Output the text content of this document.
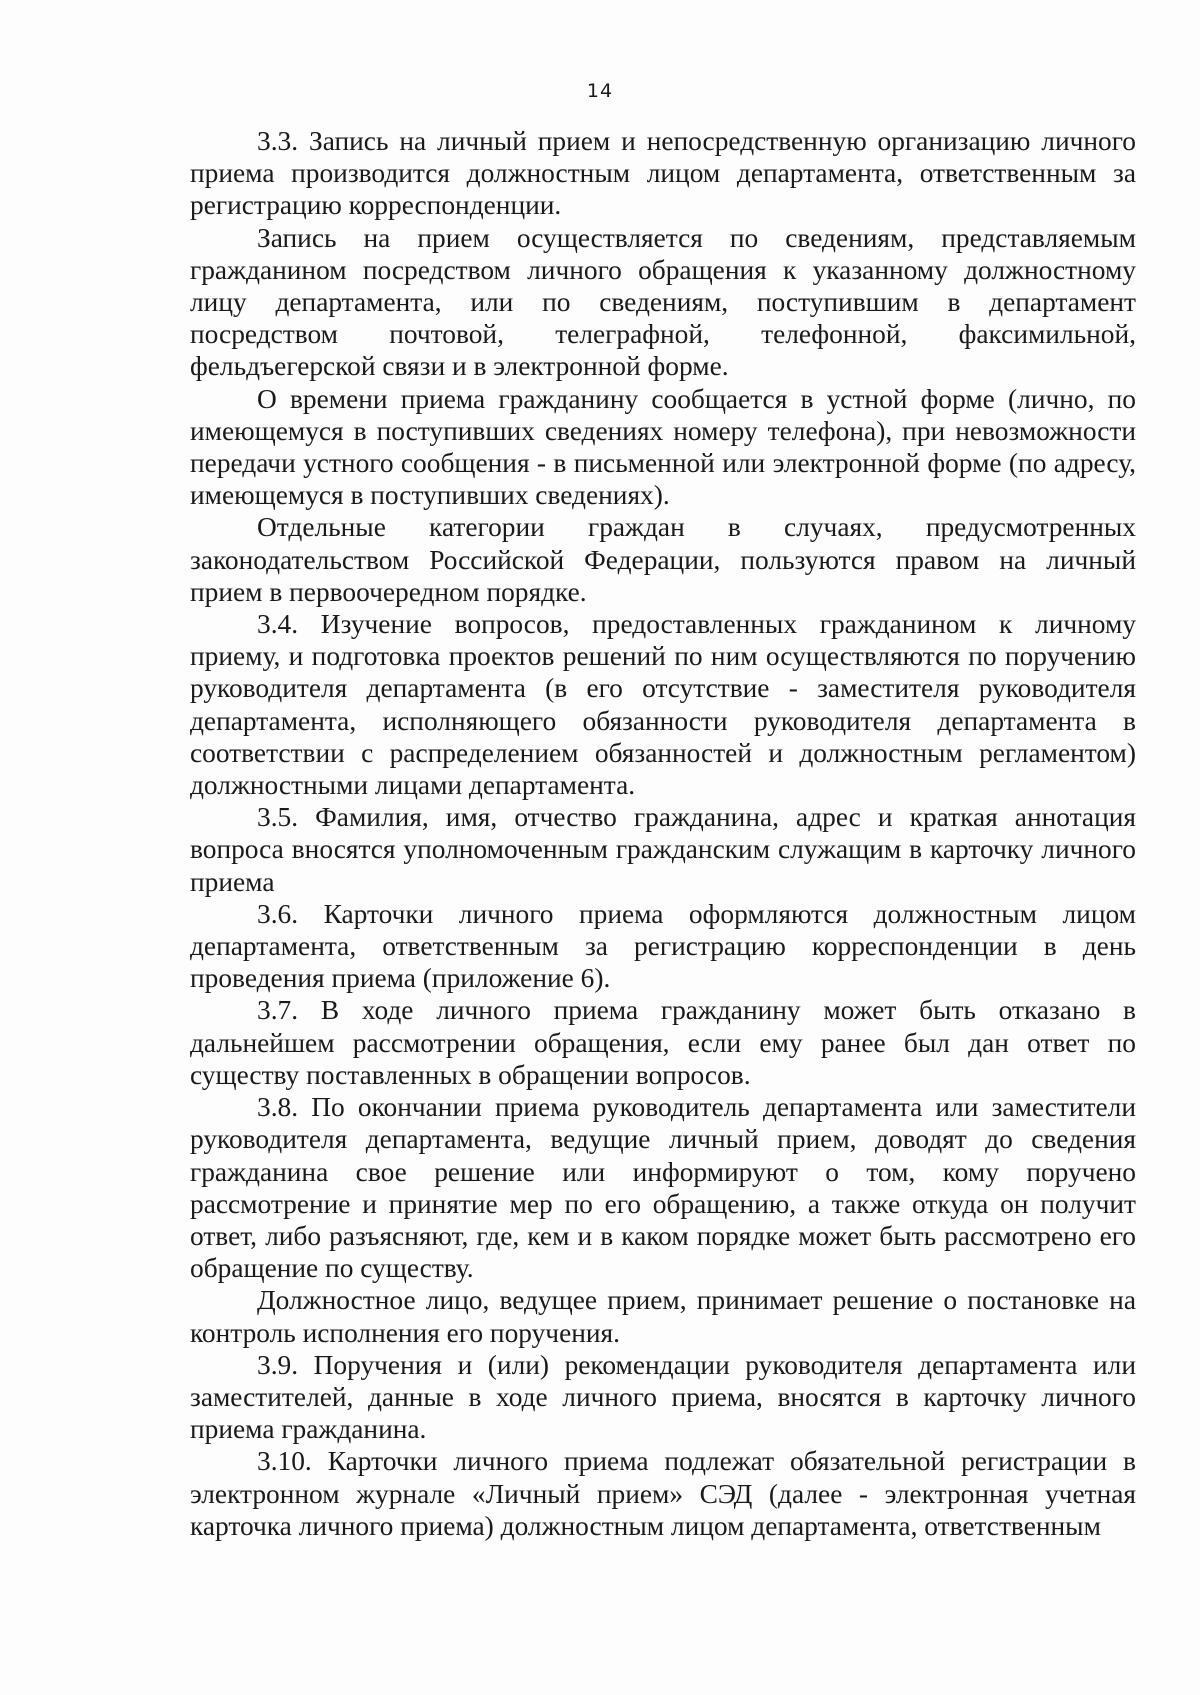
14

3.3. Запись на личный прием и непосредственную организацию личного приема производится должностным лицом департамента, ответственным за регистрацию корреспонденции.

Запись на прием осуществляется по сведениям, представляемым гражданином посредством личного обращения к указанному должностному лицу департамента, или по сведениям, поступившим в департамент посредством почтовой, телеграфной, телефонной, факсимильной, фельдъегерской связи и в электронной форме.

О времени приема гражданину сообщается в устной форме (лично, по имеющемуся в поступивших сведениях номеру телефона), при невозможности передачи устного сообщения - в письменной или электронной форме (по адресу, имеющемуся в поступивших сведениях).

Отдельные категории граждан в случаях, предусмотренных законодательством Российской Федерации, пользуются правом на личный прием в первоочередном порядке.

3.4. Изучение вопросов, предоставленных гражданином к личному приему, и подготовка проектов решений по ним осуществляются по поручению руководителя департамента (в его отсутствие - заместителя руководителя департамента, исполняющего обязанности руководителя департамента в соответствии с распределением обязанностей и должностным регламентом) должностными лицами департамента.

3.5. Фамилия, имя, отчество гражданина, адрес и краткая аннотация вопроса вносятся уполномоченным гражданским служащим в карточку личного приема

3.6. Карточки личного приема оформляются должностным лицом департамента, ответственным за регистрацию корреспонденции в день проведения приема (приложение 6).

3.7. В ходе личного приема гражданину может быть отказано в дальнейшем рассмотрении обращения, если ему ранее был дан ответ по существу поставленных в обращении вопросов.

3.8. По окончании приема руководитель департамента или заместители руководителя департамента, ведущие личный прием, доводят до сведения гражданина свое решение или информируют о том, кому поручено рассмотрение и принятие мер по его обращению, а также откуда он получит ответ, либо разъясняют, где, кем и в каком порядке может быть рассмотрено его обращение по существу.

Должностное лицо, ведущее прием, принимает решение о постановке на контроль исполнения его поручения.

3.9. Поручения и (или) рекомендации руководителя департамента или заместителей, данные в ходе личного приема, вносятся в карточку личного приема гражданина.

3.10. Карточки личного приема подлежат обязательной регистрации в электронном журнале «Личный прием» СЭД (далее - электронная учетная карточка личного приема) должностным лицом департамента, ответственным
